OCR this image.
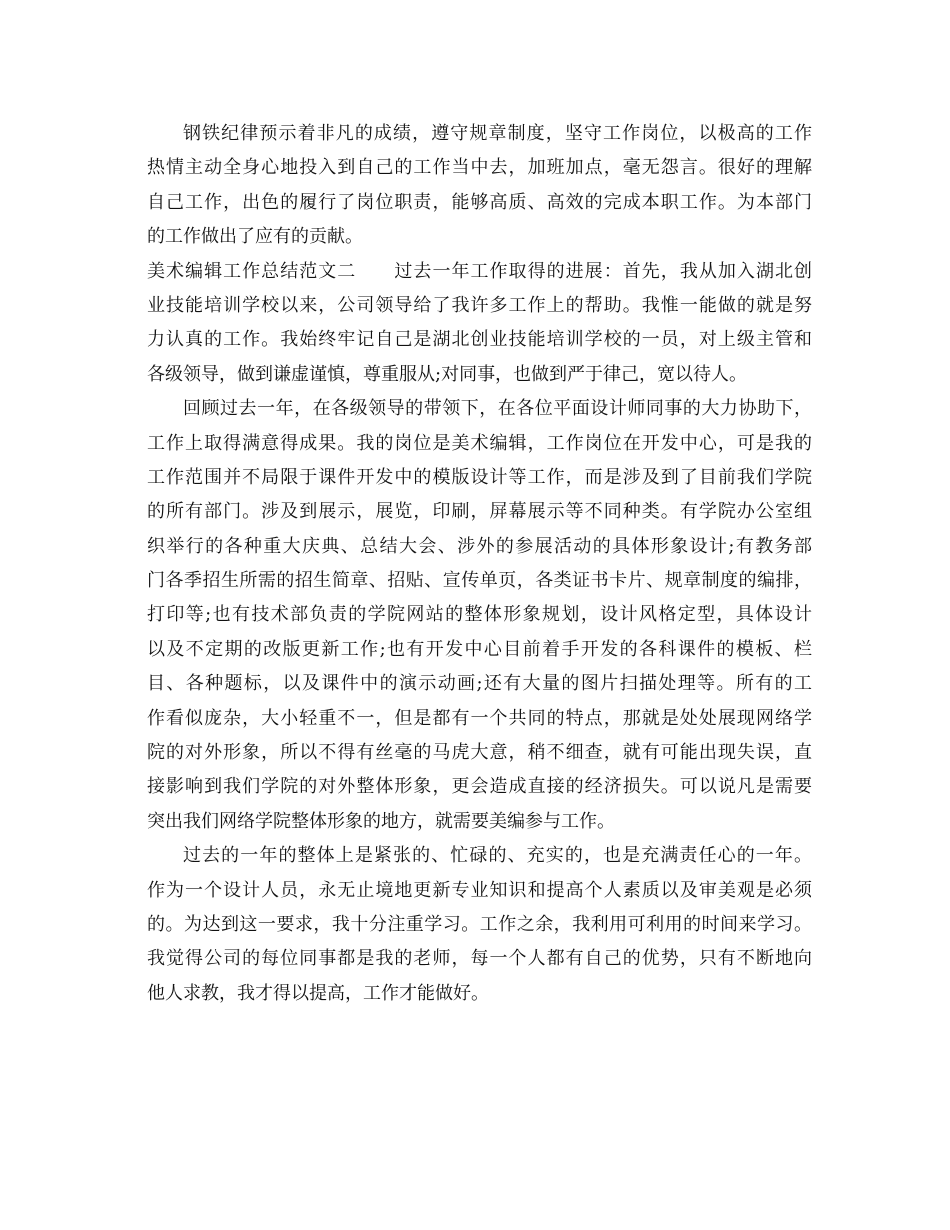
钢铁纪律预示着非凡的成绩，遵守规章制度，坚守工作岗位，以极高的工作
热情主动全身心地投入到自己的工作当中去，加班加点，毫无怨言。很好的理解
自己工作，出色的履行了岗位职责，能够高质、高效的完成本职工作。为本部门
的工作做出了应有的贡献。
美术编辑工作总结范文二　　过去一年工作取得的进展：首先，我从加入湖北创
业技能培训学校以来，公司领导给了我许多工作上的帮助。我惟一能做的就是努
力认真的工作。我始终牢记自己是湖北创业技能培训学校的一员，对上级主管和
各级领导，做到谦虚谨慎，尊重服从;对同事，也做到严于律己，宽以待人。
回顾过去一年，在各级领导的带领下，在各位平面设计师同事的大力协助下，
工作上取得满意得成果。我的岗位是美术编辑，工作岗位在开发中心，可是我的
工作范围并不局限于课件开发中的模版设计等工作，而是涉及到了目前我们学院
的所有部门。涉及到展示，展览，印刷，屏幕展示等不同种类。有学院办公室组
织举行的各种重大庆典、总结大会、涉外的参展活动的具体形象设计;有教务部
门各季招生所需的招生简章、招贴、宣传单页，各类证书卡片、规章制度的编排，
打印等;也有技术部负责的学院网站的整体形象规划，设计风格定型，具体设计
以及不定期的改版更新工作;也有开发中心目前着手开发的各科课件的模板、栏
目、各种题标，以及课件中的演示动画;还有大量的图片扫描处理等。所有的工
作看似庞杂，大小轻重不一，但是都有一个共同的特点，那就是处处展现网络学
院的对外形象，所以不得有丝毫的马虎大意，稍不细查，就有可能出现失误，直
接影响到我们学院的对外整体形象，更会造成直接的经济损失。可以说凡是需要
突出我们网络学院整体形象的地方，就需要美编参与工作。
过去的一年的整体上是紧张的、忙碌的、充实的，也是充满责任心的一年。
作为一个设计人员，永无止境地更新专业知识和提高个人素质以及审美观是必须
的。为达到这一要求，我十分注重学习。工作之余，我利用可利用的时间来学习。
我觉得公司的每位同事都是我的老师，每一个人都有自己的优势，只有不断地向
他人求教，我才得以提高，工作才能做好。
